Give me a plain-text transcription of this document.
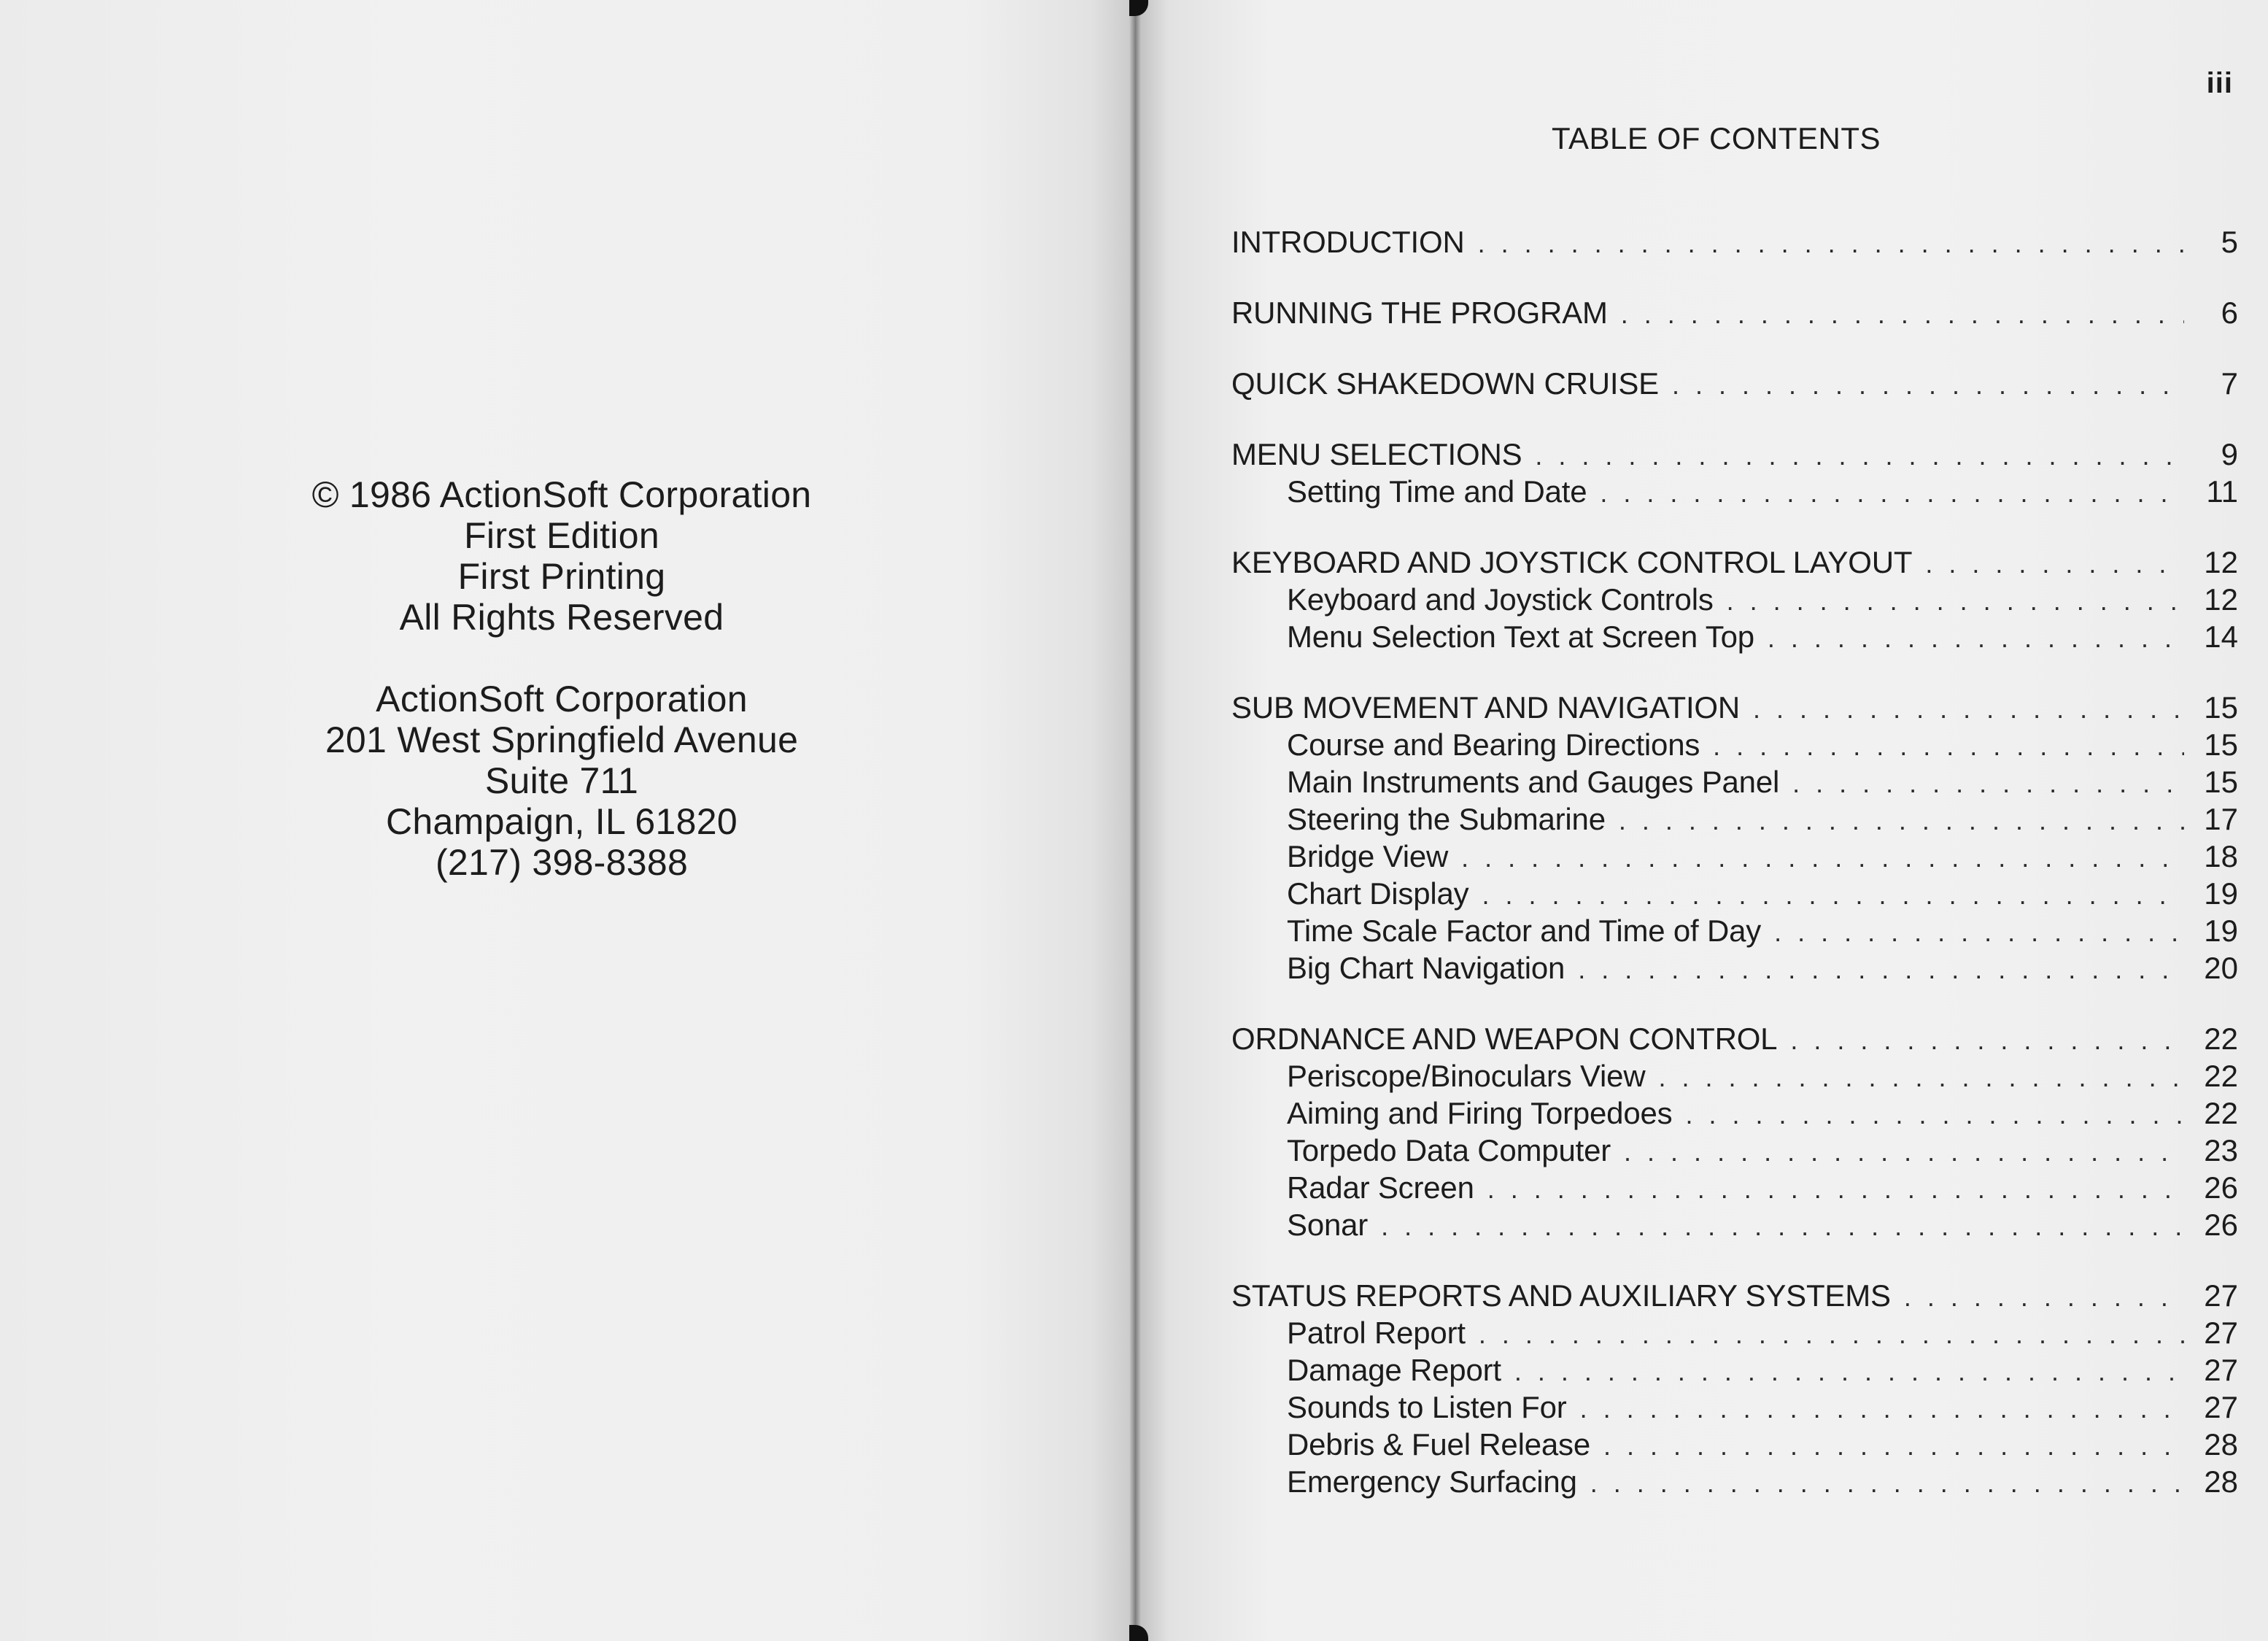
© 1986 ActionSoft Corporation
First Edition
First Printing
All Rights Reserved
ActionSoft Corporation
201 West Springfield Avenue
Suite 711
Champaign, IL 61820
(217) 398-8388
iii
TABLE OF CONTENTS
INTRODUCTION . . .	5
RUNNING THE PROGRAM . . .	6
QUICK SHAKEDOWN CRUISE . . .	7
MENU SELECTIONS . . .	9
Setting Time and Date . . .	11
KEYBOARD AND JOYSTICK CONTROL LAYOUT . . .	12
Keyboard and Joystick Controls . . .	12
Menu Selection Text at Screen Top . . .	14
SUB MOVEMENT AND NAVIGATION . . .	15
Course and Bearing Directions . . .	15
Main Instruments and Gauges Panel . . .	15
Steering the Submarine . . .	17
Bridge View . . .	18
Chart Display . . .	19
Time Scale Factor and Time of Day . . .	19
Big Chart Navigation . . .	20
ORDNANCE AND WEAPON CONTROL . . .	22
Periscope/Binoculars View . . .	22
Aiming and Firing Torpedoes . . .	22
Torpedo Data Computer . . .	23
Radar Screen . . .	26
Sonar . . .	26
STATUS REPORTS AND AUXILIARY SYSTEMS . . .	27
Patrol Report . . .	27
Damage Report . . .	27
Sounds to Listen For . . .	27
Debris & Fuel Release . . .	28
Emergency Surfacing . . .	28
